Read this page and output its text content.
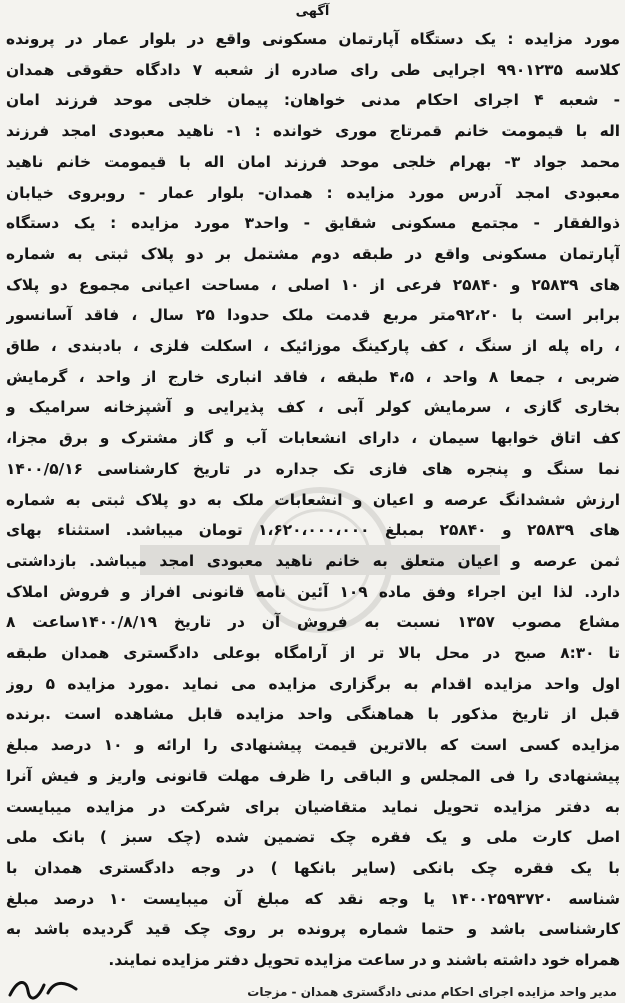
آگهی
مورد مزایده : یک دستگاه آپارتمان مسکونی واقع در بلوار عمار در پرونده
کلاسه ۹۹۰۱۲۳۵ اجرایی طی رای صادره از شعبه ۷ دادگاه حقوقی همدان
- شعبه ۴ اجرای احکام مدنی خواهان: پیمان خلجی موحد فرزند امان
اله با قیمومت خانم قمرتاج موری خوانده : ۱- ناهید معبودی امجد فرزند
محمد جواد ۳- بهرام خلجی موحد فرزند امان اله با قیمومت خانم ناهید
معبودی امجد آدرس مورد مزایده : همدان- بلوار عمار - روبروی خیابان
ذوالفقار - مجتمع مسکونی شقایق - واحد۳ مورد مزایده : یک دستگاه
آپارتمان مسکونی واقع در طبقه دوم مشتمل بر دو پلاک ثبتی به شماره
های ۲۵۸۳۹ و ۲۵۸۴۰ فرعی از ۱۰ اصلی ، مساحت اعیانی مجموع دو پلاک
برابر است با ۹۲،۲۰متر مربع قدمت ملک حدودا ۲۵ سال ، فاقد آسانسور
، راه پله از سنگ ، کف پارکینگ موزائیک ، اسکلت فلزی ، بادبندی ، طاق
ضربی ، جمعا ۸ واحد ، ۴،۵ طبقه ، فاقد انباری خارج از واحد ، گرمایش
بخاری گازی ، سرمایش کولر آبی ، کف پذیرایی و آشپزخانه سرامیک و
کف اتاق خوابها سیمان ، دارای انشعابات آب و گاز مشترک و برق مجزا،
نما سنگ و پنجره های فازی تک جداره در تاریخ کارشناسی ۱۴۰۰/۵/۱۶
ارزش ششدانگ عرصه و اعیان و انشعابات ملک به دو پلاک ثبتی به شماره
های ۲۵۸۳۹ و ۲۵۸۴۰ بمبلغ ۱،۶۲۰،۰۰۰،۰۰۰ تومان میباشد. استثناء بهای
ثمن عرصه و اعیان متعلق به خانم ناهید معبودی امجد میباشد. بازداشتی
دارد. لذا این اجراء وفق ماده ۱۰۹ آئین نامه قانونی افراز و فروش املاک
مشاع مصوب ۱۳۵۷ نسبت به فروش آن در تاریخ ۱۴۰۰/۸/۱۹ساعت ۸
تا ۸:۳۰ صبح در محل بالا تر از آرامگاه بوعلی دادگستری همدان طبقه
اول واحد مزایده اقدام به برگزاری مزایده می نماید .مورد مزایده ۵ روز
قبل از تاریخ مذکور با هماهنگی واحد مزایده قابل مشاهده است .برنده
مزایده کسی است که بالاترین قیمت پیشنهادی را ارائه و ۱۰ درصد مبلغ
پیشنهادی را فی المجلس و الباقی را ظرف مهلت قانونی واریز و فیش آنرا
به دفتر مزایده تحویل نماید متقاضیان برای شرکت در مزایده میبایست
اصل کارت ملی و یک فقره چک تضمین شده (چک سبز ) بانک ملی
با یک فقره چک بانکی (سایر بانکها ) در وجه دادگستری همدان با
شناسه ۱۴۰۰۲۵۹۳۷۲۰ یا وجه نقد که مبلغ آن میبایست ۱۰ درصد مبلغ
کارشناسی باشد و حتما شماره پرونده بر روی چک قید گردیده باشد به
همراه خود داشته باشند و در ساعت مزایده تحویل دفتر مزایده نمایند.
مدیر واحد مزایده اجرای احکام مدنی دادگستری همدان - مزجات
